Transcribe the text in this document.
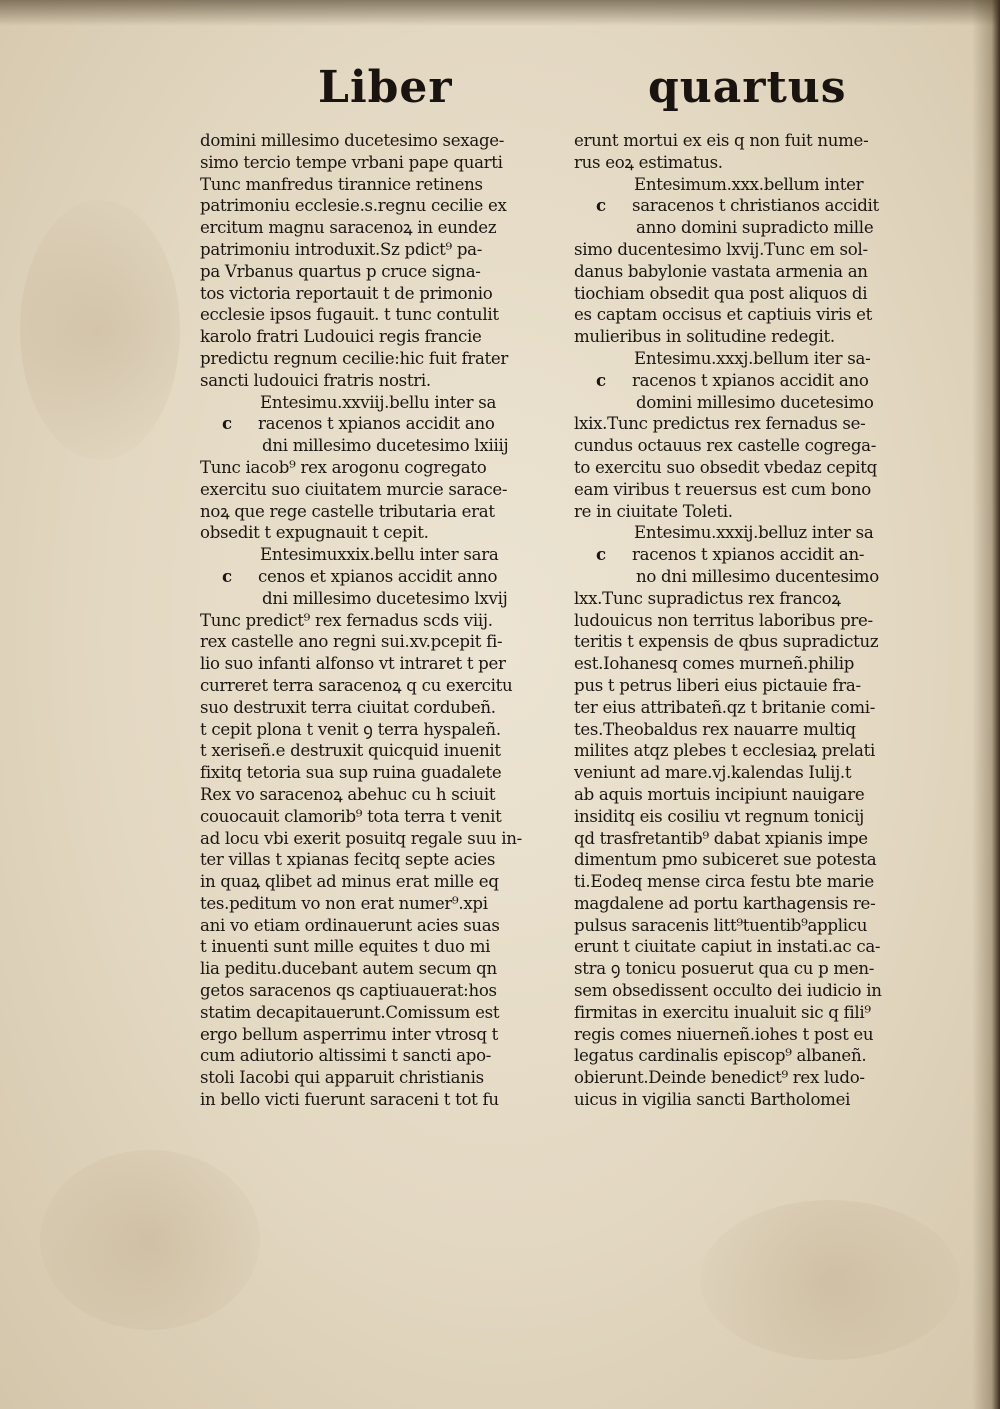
Liber	quartus
domini millesimo ducetesimo sexage-
simo tercio tempe vrbani pape quarti
Tunc manfredus tirannice retinens
patrimoniu ecclesie.s.regnu cecilie ex
ercitum magnu saracenoꝝ in eundez
patrimoniu introduxit.Sz pdict⁹ pa-
pa Vrbanus quartus p cruce signa-
tos victoria reportauit t de primonio
ecclesie ipsos fugauit. t tunc contulit
karolo fratri Ludouici regis francie
predictu regnum cecilie:hic fuit frater
sancti ludouici fratris nostri.
Entesimu.xxviij.bellu inter sa
c racenos t xpianos accidit ano
dni millesimo ducetesimo lxiiij
Tunc iacob⁹ rex arogonu cogregato
exercitu suo ciuitatem murcie sarace-
noꝝ que rege castelle tributaria erat
obsedit t expugnauit t cepit.
Entesimuxxix.bellu inter sara
c cenos et xpianos accidit anno
dni millesimo ducetesimo lxvij
Tunc predict⁹ rex fernadus scds viij.
rex castelle ano regni sui.xv.pcepit fi-
lio suo infanti alfonso vt intraret t per
curreret terra saracenoꝝ q cu exercitu
suo destruxit terra ciuitat cordubeñ.
t cepit plona t venit ꝯ terra hyspaleñ.
t xeriseñ.e destruxit quicquid inuenit
fixitq tetoria sua sup ruina guadalete
Rex vo saracenoꝝ abehuc cu h sciuit
couocauit clamorib⁹ tota terra t venit
ad locu vbi exerit posuitq regale suu in-
ter villas t xpianas fecitq septe acies
in quaꝝ qlibet ad minus erat mille eq
tes.peditum vo non erat numer⁹.xpi
ani vo etiam ordinauerunt acies suas
t inuenti sunt mille equites t duo mi
lia peditu.ducebant autem secum qn
getos saracenos qs captiuauerat:hos
statim decapitauerunt.Comissum est
ergo bellum asperrimu inter vtrosq t
cum adiutorio altissimi t sancti apo-
stoli Iacobi qui apparuit christianis
in bello victi fuerunt saraceni t tot fu
erunt mortui ex eis q non fuit nume-
rus eoꝝ estimatus.
Entesimum.xxx.bellum inter
c saracenos t christianos accidit
anno domini supradicto mille
simo ducentesimo lxvij.Tunc em sol-
danus babylonie vastata armenia an
tiochiam obsedit qua post aliquos di
es captam occisus et captiuis viris et
mulieribus in solitudine redegit.
Entesimu.xxxj.bellum iter sa-
c racenos t xpianos accidit ano
domini millesimo ducetesimo
lxix.Tunc predictus rex fernadus se-
cundus octauus rex castelle cogrega-
to exercitu suo obsedit vbedaz cepitq
eam viribus t reuersus est cum bono
re in ciuitate Toleti.
Entesimu.xxxij.belluz inter sa
c racenos t xpianos accidit an-
no dni millesimo ducentesimo
lxx.Tunc supradictus rex francoꝝ
ludouicus non territus laboribus pre-
teritis t expensis de qbus supradictuz
est.Iohanesq comes murneñ.philip
pus t petrus liberi eius pictauie fra-
ter eius attribateñ.qz t britanie comi-
tes.Theobaldus rex nauarre multiq
milites atqz plebes t ecclesiaꝝ prelati
veniunt ad mare.vj.kalendas Iulij.t
ab aquis mortuis incipiunt nauigare
insiditq eis cosiliu vt regnum tonicij
qd trasfretantib⁹ dabat xpianis impe
dimentum pmo subiceret sue potesta
ti.Eodeq mense circa festu bte marie
magdalene ad portu karthagensis re-
pulsus saracenis litt⁹tuentib⁹applicu
erunt t ciuitate capiut in instati.ac ca-
stra ꝯ tonicu posuerut qua cu p men-
sem obsedissent occulto dei iudicio in
firmitas in exercitu inualuit sic q fili⁹
regis comes niuerneñ.iohes t post eu
legatus cardinalis episcop⁹ albaneñ.
obierunt.Deinde benedict⁹ rex ludo-
uicus in vigilia sancti Bartholomei
